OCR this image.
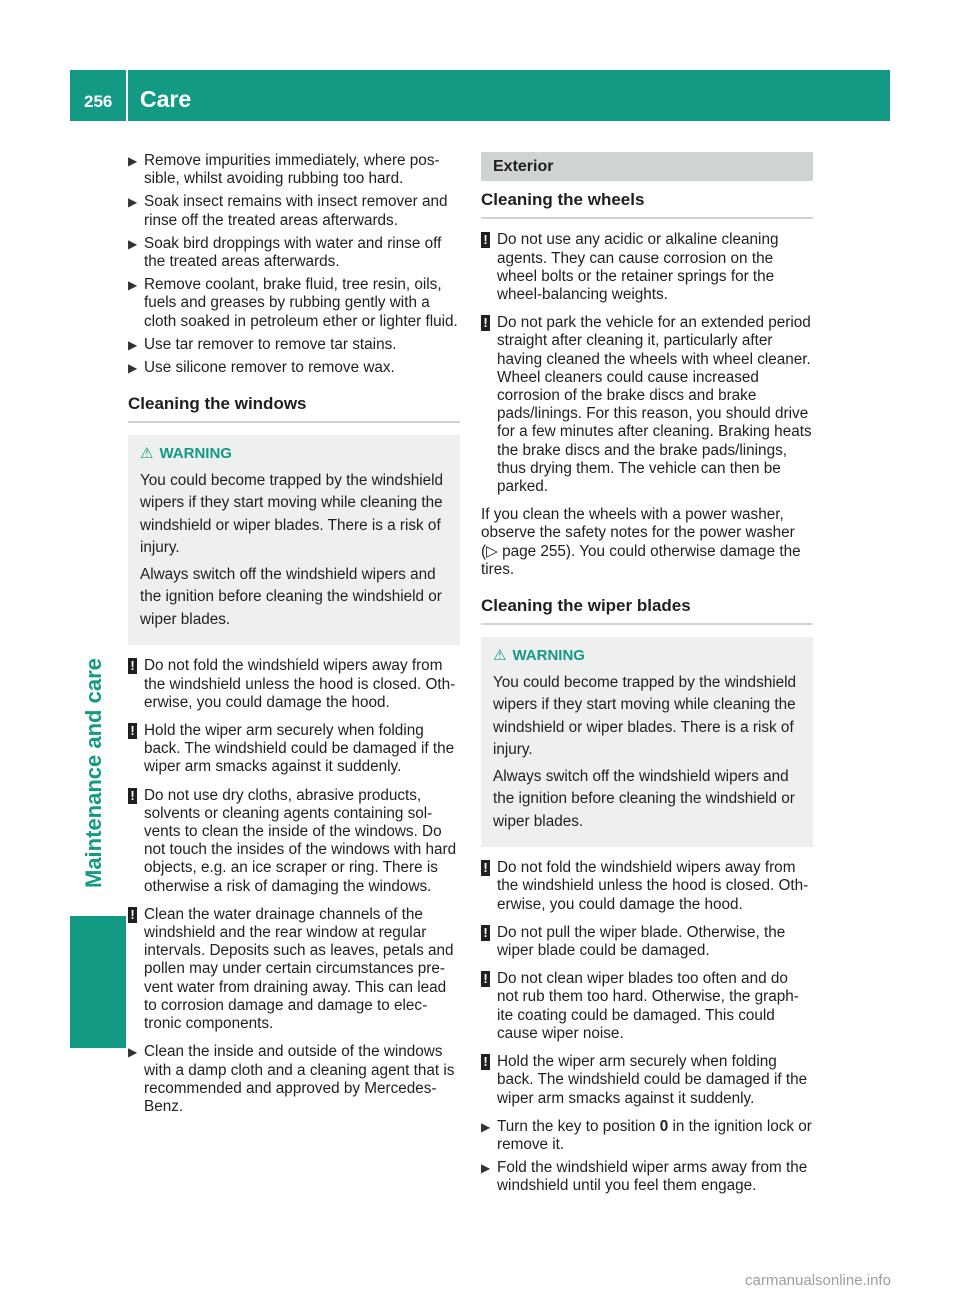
256 Care
Maintenance and care
▶ Remove impurities immediately, where pos-sible, whilst avoiding rubbing too hard.
▶ Soak insect remains with insect remover and rinse off the treated areas afterwards.
▶ Soak bird droppings with water and rinse off the treated areas afterwards.
▶ Remove coolant, brake fluid, tree resin, oils, fuels and greases by rubbing gently with a cloth soaked in petroleum ether or lighter fluid.
▶ Use tar remover to remove tar stains.
▶ Use silicone remover to remove wax.
Cleaning the windows
⚠ WARNING

You could become trapped by the windshield wipers if they start moving while cleaning the windshield or wiper blades. There is a risk of injury.

Always switch off the windshield wipers and the ignition before cleaning the windshield or wiper blades.

! Do not fold the windshield wipers away from the windshield unless the hood is closed. Oth-erwise, you could damage the hood.
! Hold the wiper arm securely when folding back. The windshield could be damaged if the wiper arm smacks against it suddenly.
! Do not use dry cloths, abrasive products, solvents or cleaning agents containing sol-vents to clean the inside of the windows. Do not touch the insides of the windows with hard objects, e.g. an ice scraper or ring. There is otherwise a risk of damaging the windows.
! Clean the water drainage channels of the windshield and the rear window at regular intervals. Deposits such as leaves, petals and pollen may under certain circumstances pre-vent water from draining away. This can lead to corrosion damage and damage to elec-tronic components.
▶ Clean the inside and outside of the windows with a damp cloth and a cleaning agent that is recommended and approved by Mercedes-Benz.
Exterior
Cleaning the wheels
! Do not use any acidic or alkaline cleaning agents. They can cause corrosion on the wheel bolts or the retainer springs for the wheel-balancing weights.
! Do not park the vehicle for an extended period straight after cleaning it, particularly after having cleaned the wheels with wheel cleaner. Wheel cleaners could cause increased corrosion of the brake discs and brake pads/linings. For this reason, you should drive for a few minutes after cleaning. Braking heats the brake discs and the brake pads/linings, thus drying them. The vehicle can then be parked.
If you clean the wheels with a power washer, observe the safety notes for the power washer (▷ page 255). You could otherwise damage the tires.
Cleaning the wiper blades
⚠ WARNING

You could become trapped by the windshield wipers if they start moving while cleaning the windshield or wiper blades. There is a risk of injury.

Always switch off the windshield wipers and the ignition before cleaning the windshield or wiper blades.

! Do not fold the windshield wipers away from the windshield unless the hood is closed. Oth-erwise, you could damage the hood.
! Do not pull the wiper blade. Otherwise, the wiper blade could be damaged.
! Do not clean wiper blades too often and do not rub them too hard. Otherwise, the graph-ite coating could be damaged. This could cause wiper noise.
! Hold the wiper arm securely when folding back. The windshield could be damaged if the wiper arm smacks against it suddenly.
▶ Turn the key to position 0 in the ignition lock or remove it.
▶ Fold the windshield wiper arms away from the windshield until you feel them engage.
carmanualsonline.info
